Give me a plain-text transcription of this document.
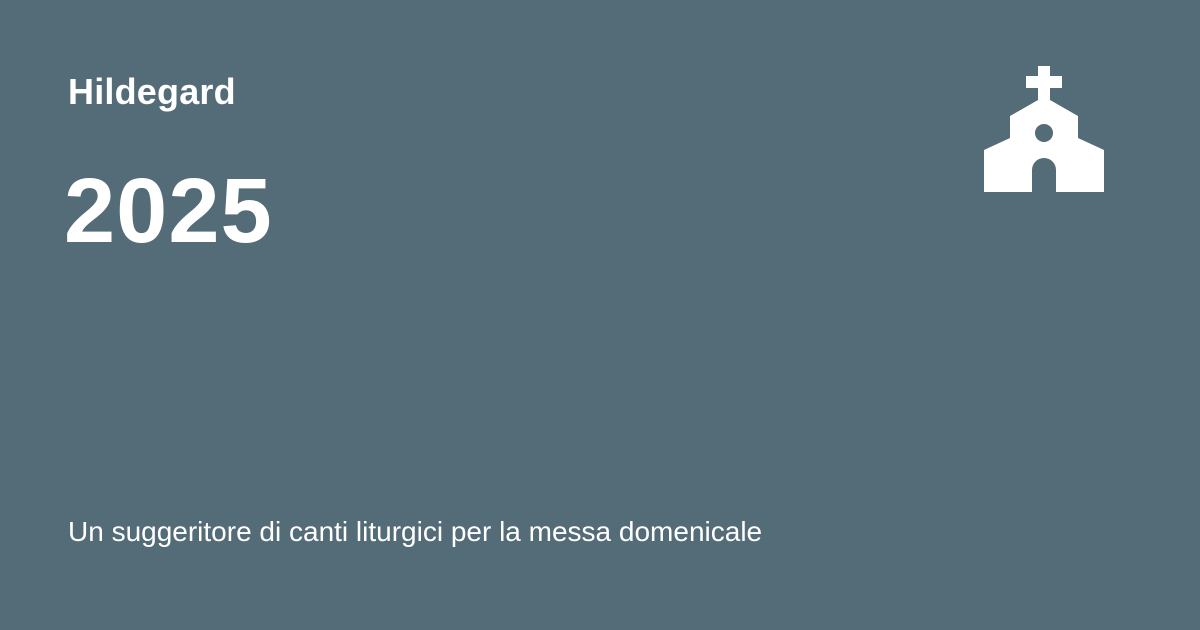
Hildegard
2025
Un suggeritore di canti liturgici per la messa domenicale
